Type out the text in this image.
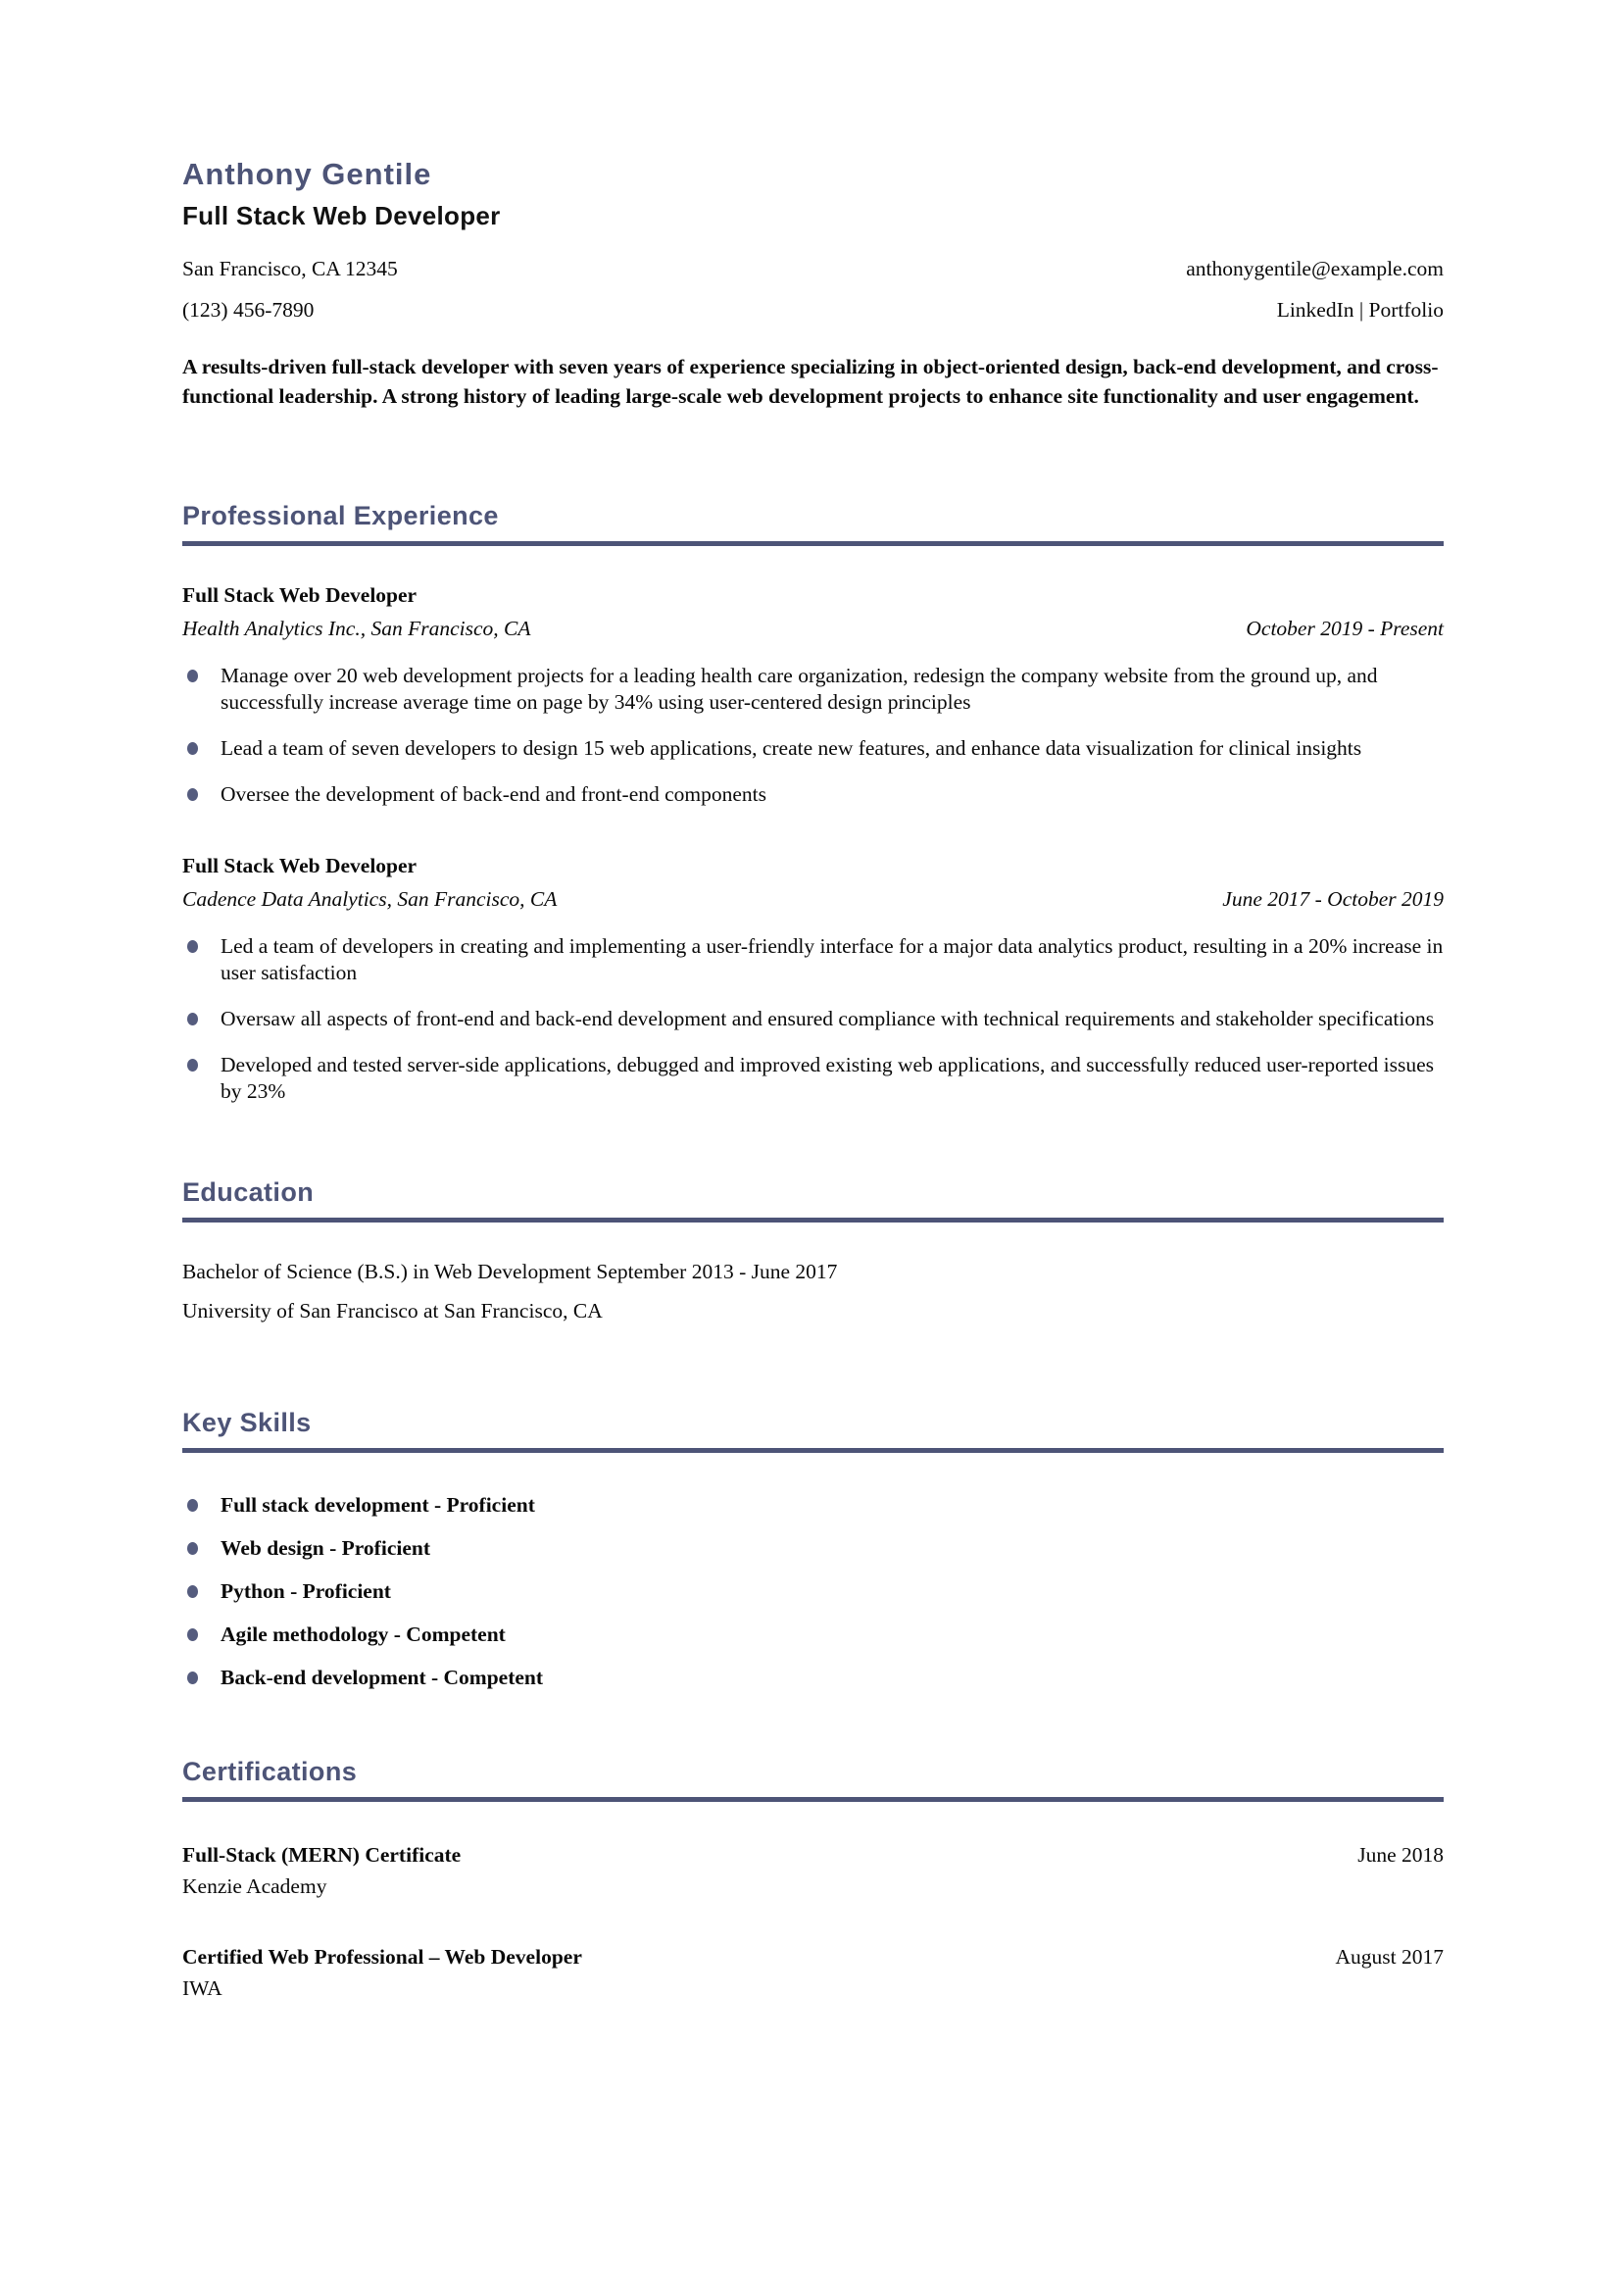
Anthony Gentile
Full Stack Web Developer
San Francisco, CA 12345	anthonygentile@example.com
(123) 456-7890	LinkedIn | Portfolio

A results-driven full-stack developer with seven years of experience specializing in object-oriented design, back-end development, and cross-functional leadership. A strong history of leading large-scale web development projects to enhance site functionality and user engagement.

Professional Experience
Full Stack Web Developer
Health Analytics Inc., San Francisco, CA	October 2019 - Present
Manage over 20 web development projects for a leading health care organization, redesign the company website from the ground up, and successfully increase average time on page by 34% using user-centered design principles
Lead a team of seven developers to design 15 web applications, create new features, and enhance data visualization for clinical insights
Oversee the development of back-end and front-end components
Full Stack Web Developer
Cadence Data Analytics, San Francisco, CA	June 2017 - October 2019
Led a team of developers in creating and implementing a user-friendly interface for a major data analytics product, resulting in a 20% increase in user satisfaction
Oversaw all aspects of front-end and back-end development and ensured compliance with technical requirements and stakeholder specifications
Developed and tested server-side applications, debugged and improved existing web applications, and successfully reduced user-reported issues by 23%
Education

Bachelor of Science (B.S.) in Web Development September 2013 - June 2017

University of San Francisco at San Francisco, CA

Key Skills
Full stack development - Proficient
Web design - Proficient
Python - Proficient
Agile methodology - Competent
Back-end development - Competent
Certifications
Full-Stack (MERN) Certificate	June 2018
Kenzie Academy
Certified Web Professional – Web Developer	August 2017
IWA
